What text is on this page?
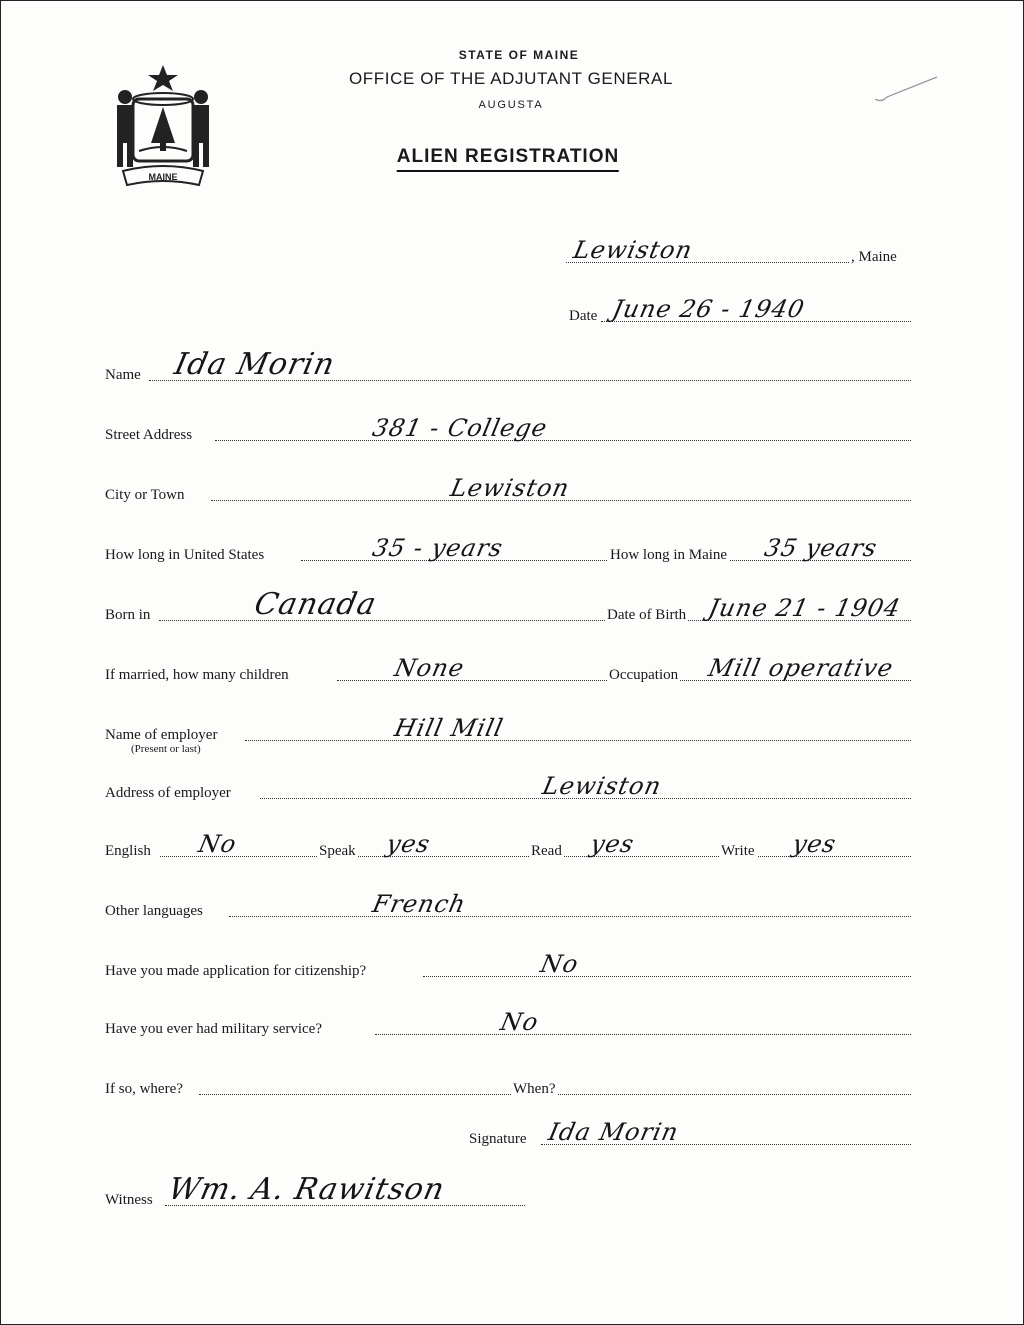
MAINE
STATE OF MAINE
OFFICE OF THE ADJUTANT GENERAL
AUGUSTA
ALIEN REGISTRATION
Lewiston	, Maine
Date June 26 - 1940
Name Ida Morin
Street Address	381 - College
City or Town	Lewiston
How long in United States	35 - years	How long in Maine 35 years
Born in	Canada	Date of Birth June 21 - 1904
If married, how many children	None	Occupation Mill operative
Name of employer	Hill Mill
(Present or last)
Address of employer	Lewiston
English No	Speak yes	Read yes	Write yes
Other languages	French
Have you made application for citizenship?	No
Have you ever had military service?	No
If so, where?	When?
Signature Ida Morin
Witness Wm. A. Rawitson
